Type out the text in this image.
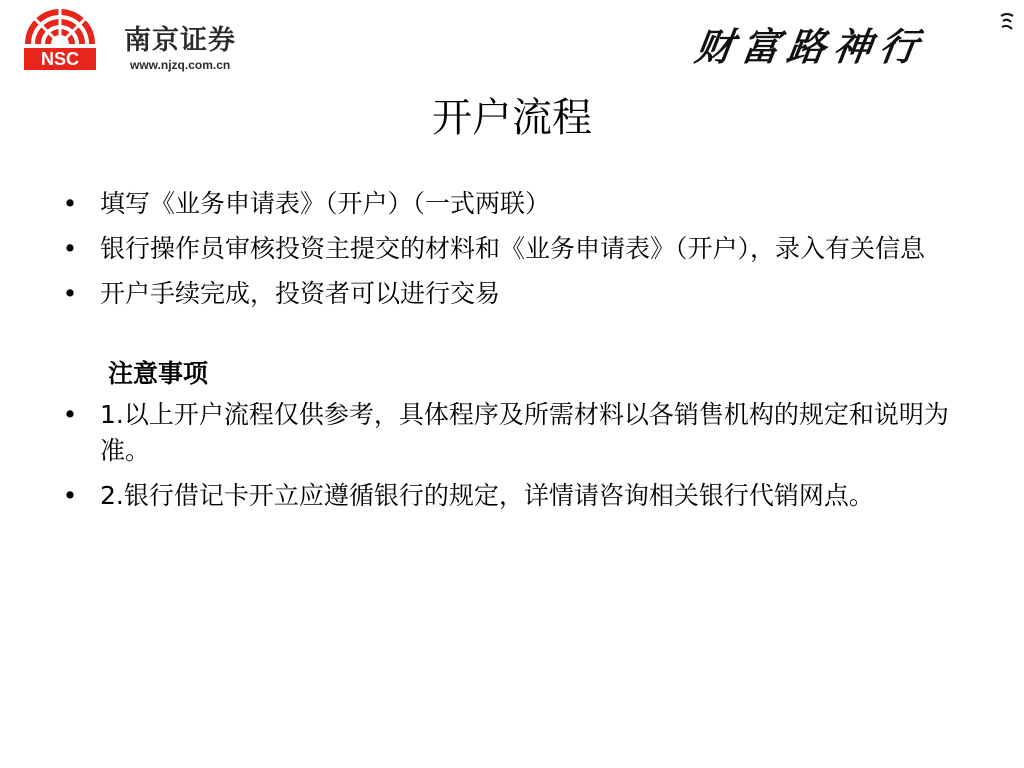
NSC
南京证券
www.njzq.com.cn	财富路神行
开户流程
• 填写《业务申请表》（开户）（一式两联）
• 银行操作员审核投资主提交的材料和《业务申请表》（开户），录入有关信息
• 开户手续完成，投资者可以进行交易
注意事项
• 1.以上开户流程仅供参考，具体程序及所需材料以各销售机构的规定和说明为准。
• 2.银行借记卡开立应遵循银行的规定，详情请咨询相关银行代销网点。
